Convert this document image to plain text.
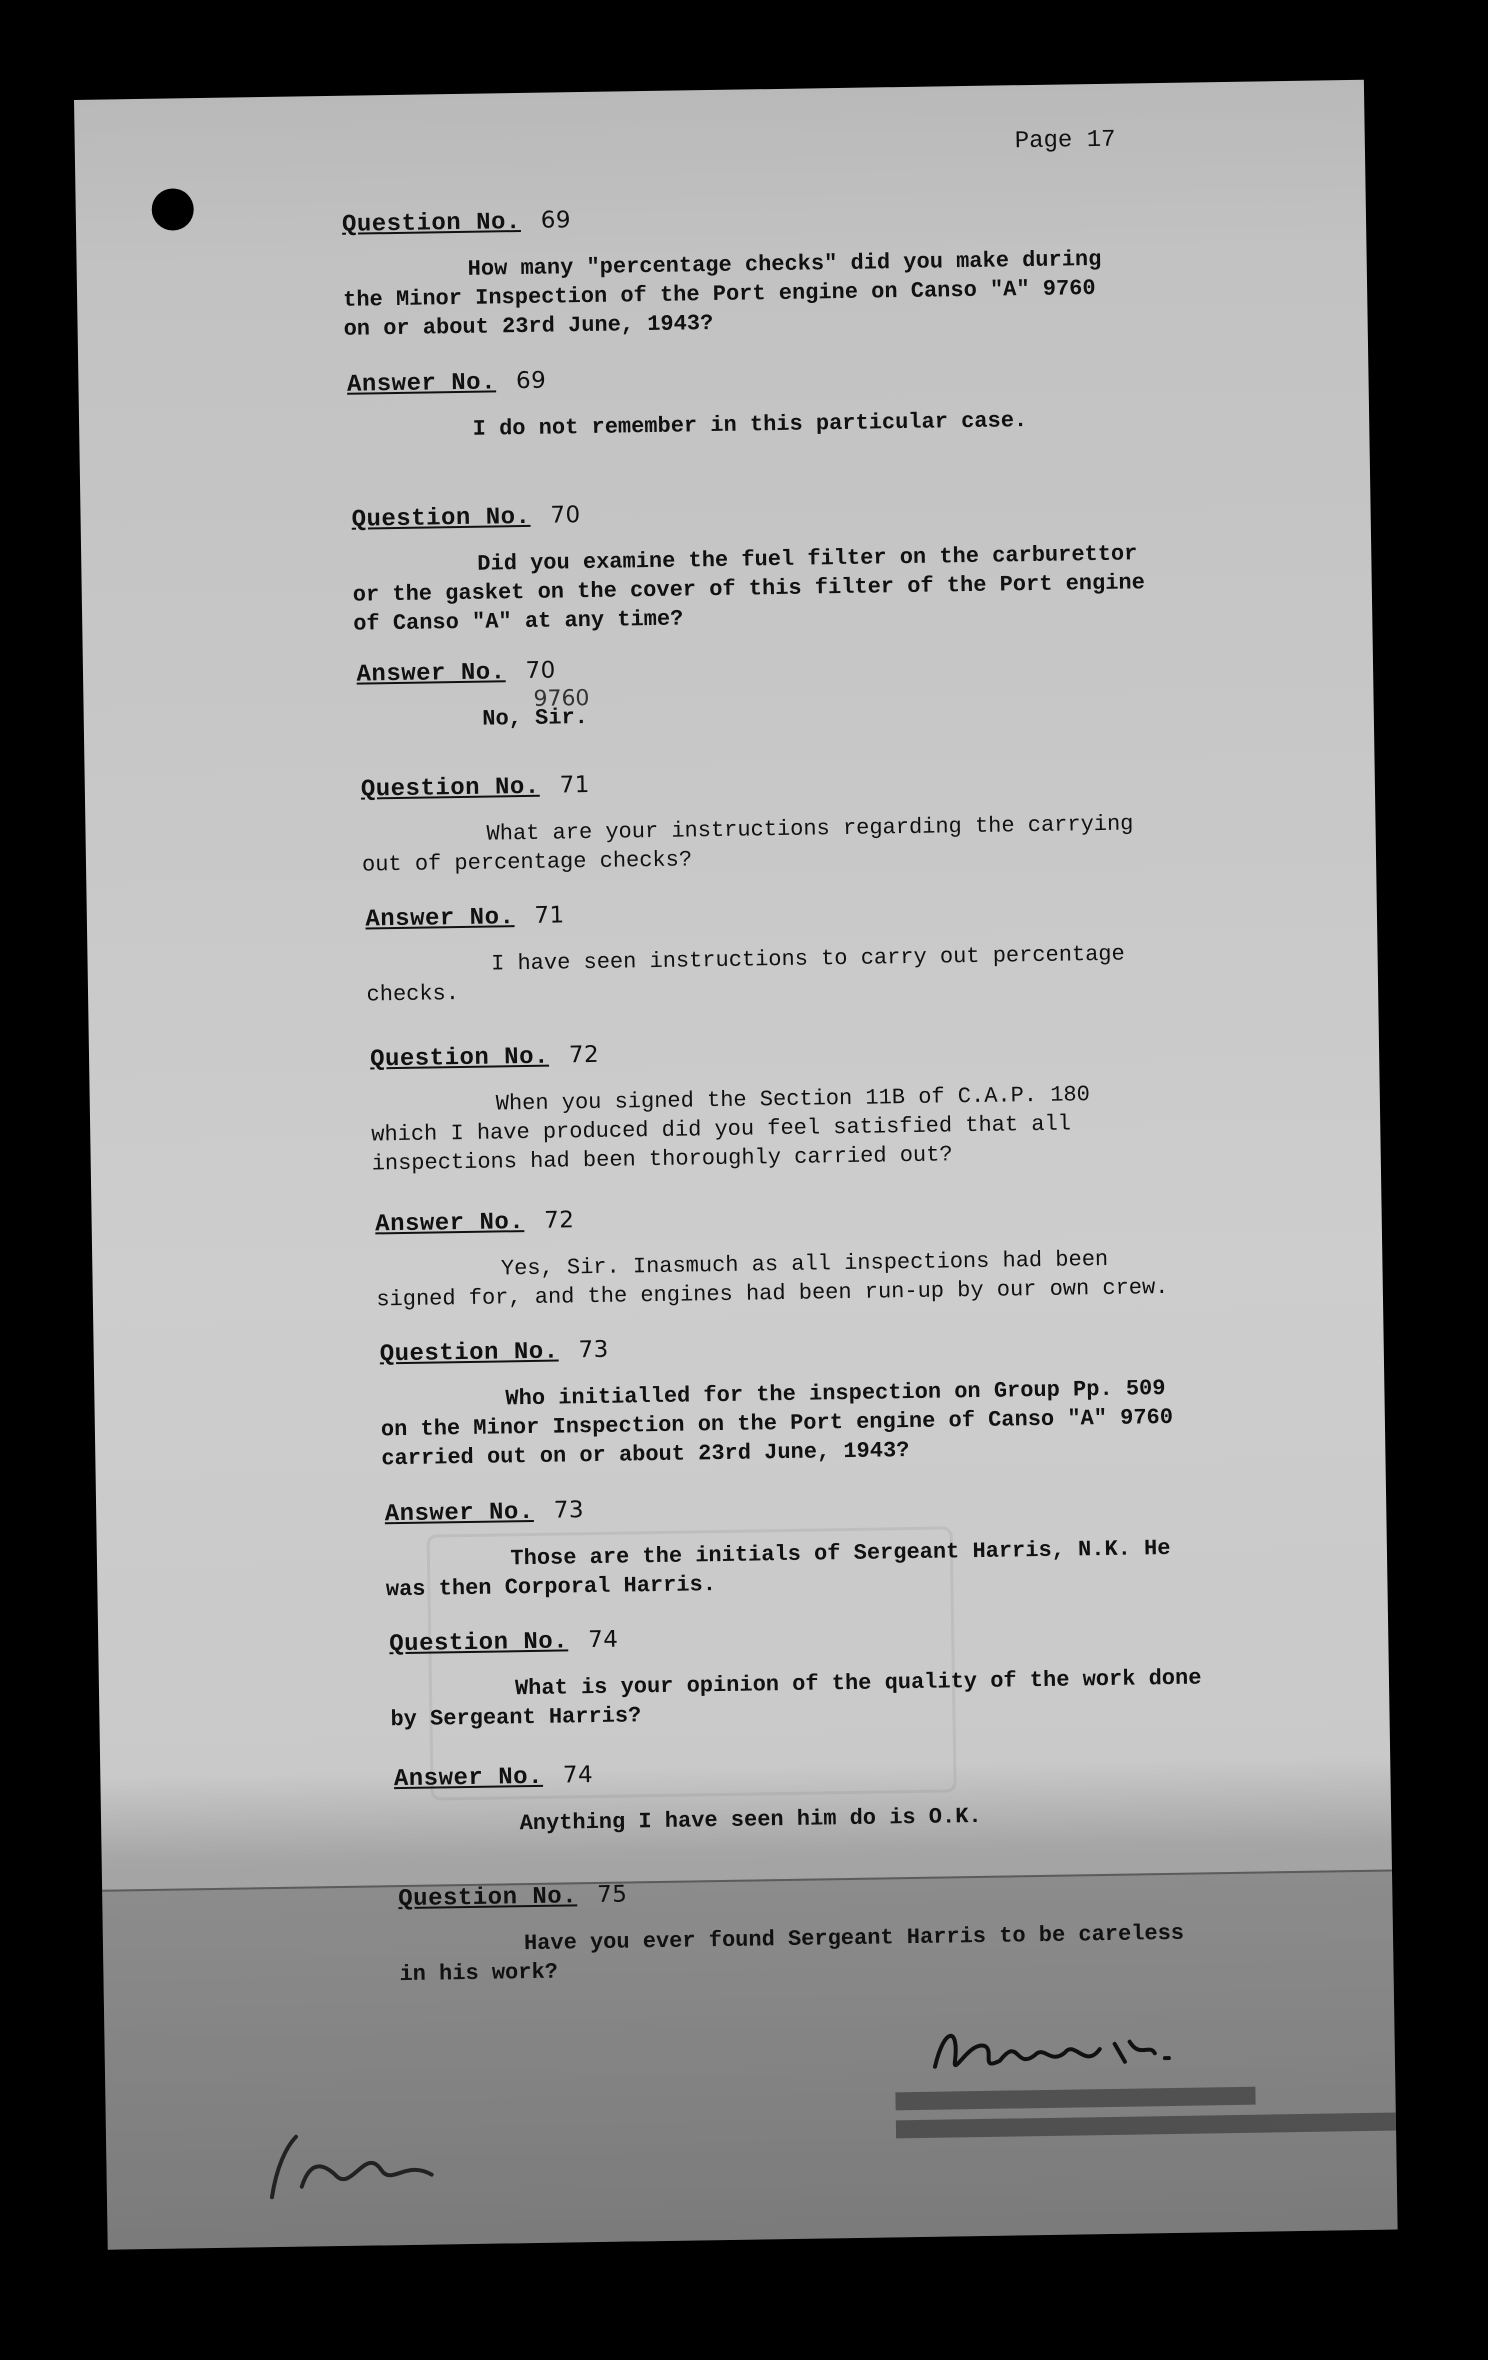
Page 17
9760
Question No. 69
How many "percentage checks" did you make during
the Minor Inspection of the Port engine on Canso "A" 9760
on or about 23rd June, 1943?
Answer No. 69
I do not remember in this particular case.
Question No. 70
Did you examine the fuel filter on the carburettor
or the gasket on the cover of this filter of the Port engine
of Canso "A" at any time?
Answer No. 70
No, Sir.
Question No. 71
What are your instructions regarding the carrying
out of percentage checks?
Answer No. 71
I have seen instructions to carry out percentage
checks.
Question No. 72
When you signed the Section 11B of C.A.P. 180
which I have produced did you feel satisfied that all
inspections had been thoroughly carried out?
Answer No. 72
Yes, Sir. Inasmuch as all inspections had been
signed for, and the engines had been run-up by our own crew.
Question No. 73
Who initialled for the inspection on Group Pp. 509
on the Minor Inspection on the Port engine of Canso "A" 9760
carried out on or about 23rd June, 1943?
Answer No. 73
Those are the initials of Sergeant Harris, N.K. He
was then Corporal Harris.
Question No. 74
What is your opinion of the quality of the work done
by Sergeant Harris?
Answer No. 74
Anything I have seen him do is O.K.
Question No. 75
Have you ever found Sergeant Harris to be careless
in his work?
